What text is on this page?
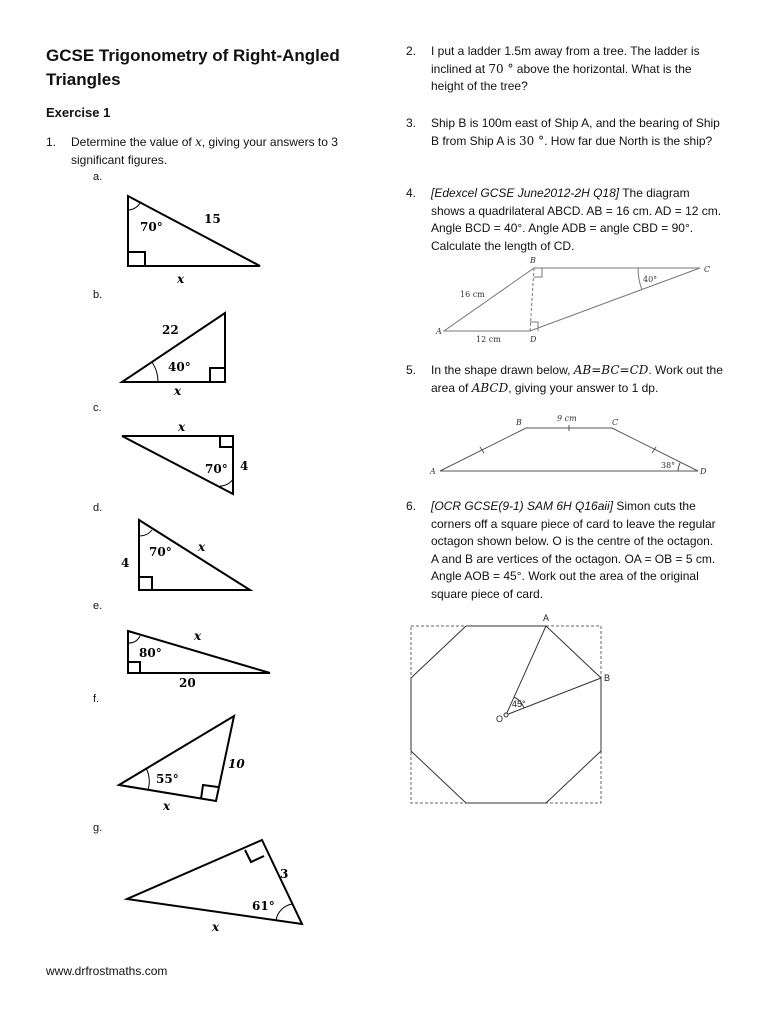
GCSE Trigonometry of Right-Angled Triangles
Exercise 1
1. Determine the value of x, giving your answers to 3 significant figures.
a.
b.
c.
d.
e.
f.
g.
70°
15
x
40°
22
x
70° 4
x
70°
4
x
80°
20
x
55°
10
x
61°
3
x
A
B
C
D
16 cm
12 cm
40°
A
B	C
D
9 cm
38°
A
B
O
45°
2. I put a ladder 1.5m away from a tree. The ladder is inclined at 70 ° above the horizontal. What is the height of the tree?
3. Ship B is 100m east of Ship A, and the bearing of Ship B from Ship A is 30 °. How far due North is the ship?
4. [Edexcel GCSE June2012-2H Q18] The diagram shows a quadrilateral ABCD. AB = 16 cm. AD = 12 cm. Angle BCD = 40°. Angle ADB = angle CBD = 90°. Calculate the length of CD.
5. In the shape drawn below, AB=BC=CD. Work out the area of ABCD, giving your answer to 1 dp.
6. [OCR GCSE(9-1) SAM 6H Q16aii] Simon cuts the corners off a square piece of card to leave the regular octagon shown below. O is the centre of the octagon. A and B are vertices of the octagon. OA = OB = 5 cm. Angle AOB = 45°. Work out the area of the original square piece of card.
www.drfrostmaths.com
